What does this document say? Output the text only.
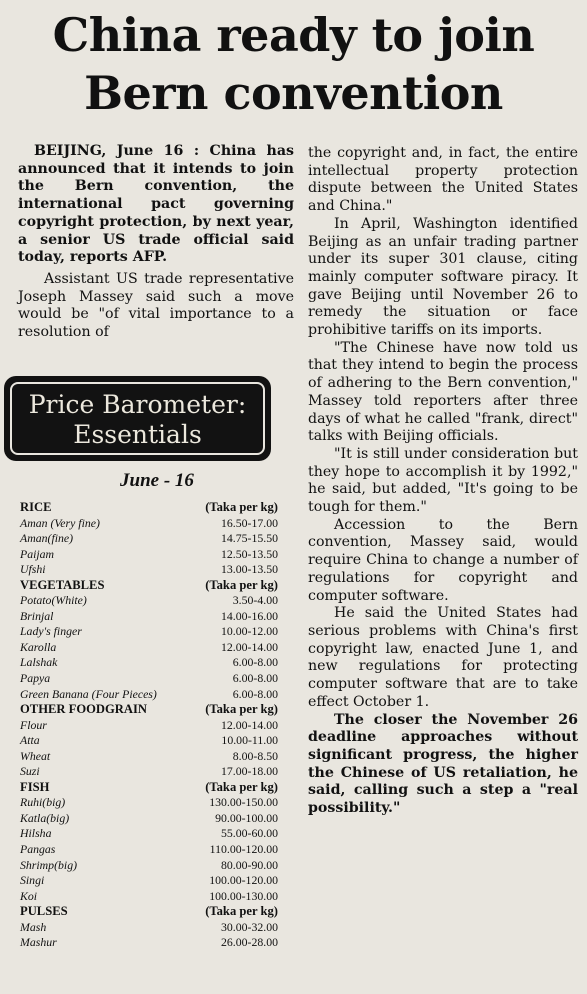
China ready to join
Bern convention

BEIJING, June 16 : China has announced that it intends to join the Bern convention, the international pact governing copyright protection, by next year, a senior US trade official said today, reports AFP.

Assistant US trade representative Joseph Massey said such a move would be "of vital importance to a resolution of

Price Barometer:
Essentials
June - 16
RICE	(Taka per kg)
Aman (Very fine)	16.50-17.00
Aman(fine)	14.75-15.50
Paijam	12.50-13.50
Ufshi	13.00-13.50
VEGETABLES	(Taka per kg)
Potato(White)	3.50-4.00
Brinjal	14.00-16.00
Lady's finger	10.00-12.00
Karolla	12.00-14.00
Lalshak	6.00-8.00
Papya	6.00-8.00
Green Banana (Four Pieces)	6.00-8.00
OTHER FOODGRAIN	(Taka per kg)
Flour	12.00-14.00
Atta	10.00-11.00
Wheat	8.00-8.50
Suzi	17.00-18.00
FISH	(Taka per kg)
Ruhi(big)	130.00-150.00
Katla(big)	90.00-100.00
Hilsha	55.00-60.00
Pangas	110.00-120.00
Shrimp(big)	80.00-90.00
Singi	100.00-120.00
Koi	100.00-130.00
PULSES	(Taka per kg)
Mash	30.00-32.00
Mashur	26.00-28.00

the copyright and, in fact, the entire intellectual property protection dispute between the United States and China."

In April, Washington identified Beijing as an unfair trading partner under its super 301 clause, citing mainly computer software piracy. It gave Beijing until November 26 to remedy the situation or face prohibitive tariffs on its imports.

"The Chinese have now told us that they intend to begin the process of adhering to the Bern convention," Massey told reporters after three days of what he called "frank, direct" talks with Beijing officials.

"It is still under consideration but they hope to accomplish it by 1992," he said, but added, "It's going to be tough for them."

Accession to the Bern convention, Massey said, would require China to change a number of regulations for copyright and computer software.

He said the United States had serious problems with China's first copyright law, enacted June 1, and new regulations for protecting computer software that are to take effect October 1.

The closer the November 26 deadline approaches without significant progress, the higher the Chinese of US retaliation, he said, calling such a step a "real possibility."
